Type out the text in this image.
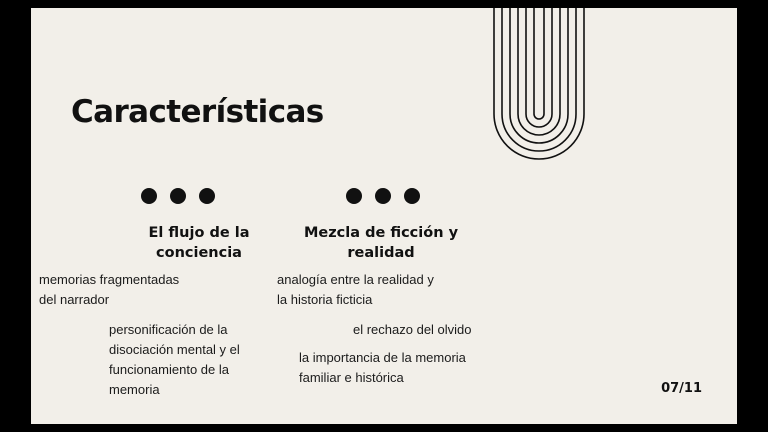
Características
El flujo de la conciencia
Mezcla de ficción y realidad
memorias fragmentadas del narrador
personificación de la disociación mental y el funcionamiento de la memoria
analogía entre la realidad y la historia ficticia
el rechazo del olvido
la importancia de la memoria familiar e histórica
07/11
